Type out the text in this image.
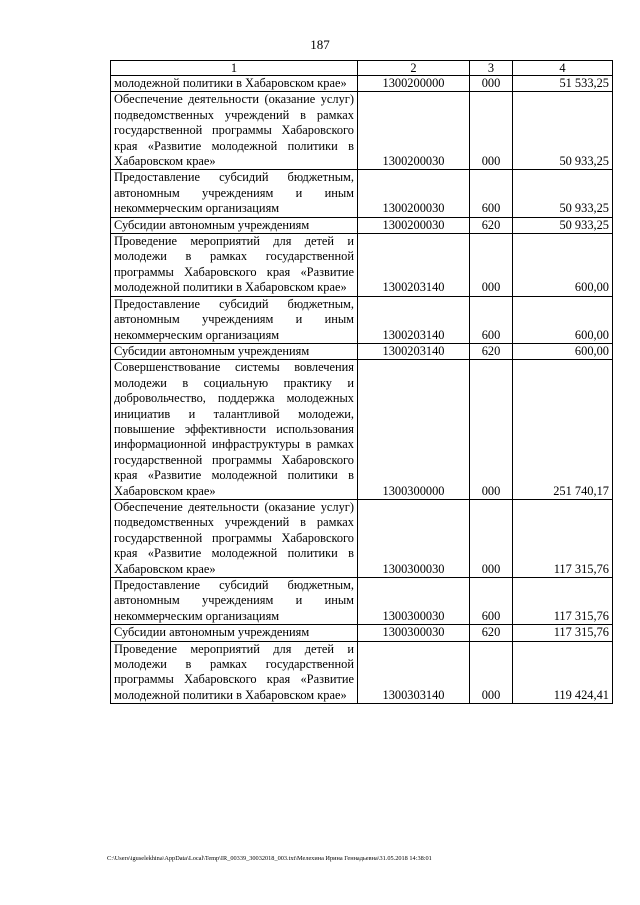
187
1	2	3	4
молодежной политики в Хабаровском крае»	1300200000	000	51 533,25
Обеспечение деятельности (оказание услуг) подведомственных учреждений в рамках государственной программы Хабаровского края «Развитие молодежной политики в Хабаровском крае»	1300200030	000	50 933,25
Предоставление субсидий бюджетным, автономным учреждениям и иным некоммерческим организациям	1300200030	600	50 933,25
Субсидии автономным учреждениям	1300200030	620	50 933,25
Проведение мероприятий для детей и молодежи в рамках государственной программы Хабаровского края «Развитие молодежной политики в Хабаровском крае»	1300203140	000	600,00
Предоставление субсидий бюджетным, автономным учреждениям и иным некоммерческим организациям	1300203140	600	600,00
Субсидии автономным учреждениям	1300203140	620	600,00
Совершенствование системы вовлечения молодежи в социальную практику и добровольчество, поддержка молодежных инициатив и талантливой молодежи, повышение эффективности использования информационной инфраструктуры в рамках государственной программы Хабаровского края «Развитие молодежной политики в Хабаровском крае»	1300300000	000	251 740,17
Обеспечение деятельности (оказание услуг) подведомственных учреждений в рамках государственной программы Хабаровского края «Развитие молодежной политики в Хабаровском крае»	1300300030	000	117 315,76
Предоставление субсидий бюджетным, автономным учреждениям и иным некоммерческим организациям	1300300030	600	117 315,76
Субсидии автономным учреждениям	1300300030	620	117 315,76
Проведение мероприятий для детей и молодежи в рамках государственной программы Хабаровского края «Развитие молодежной политики в Хабаровском крае»	1300303140	000	119 424,41
C:\Users\iguselekhina\AppData\Local\Temp\IR_00339_30032018_003.txt\Мелехина Ирина Геннадьевна\31.05.2018 14:38:01
